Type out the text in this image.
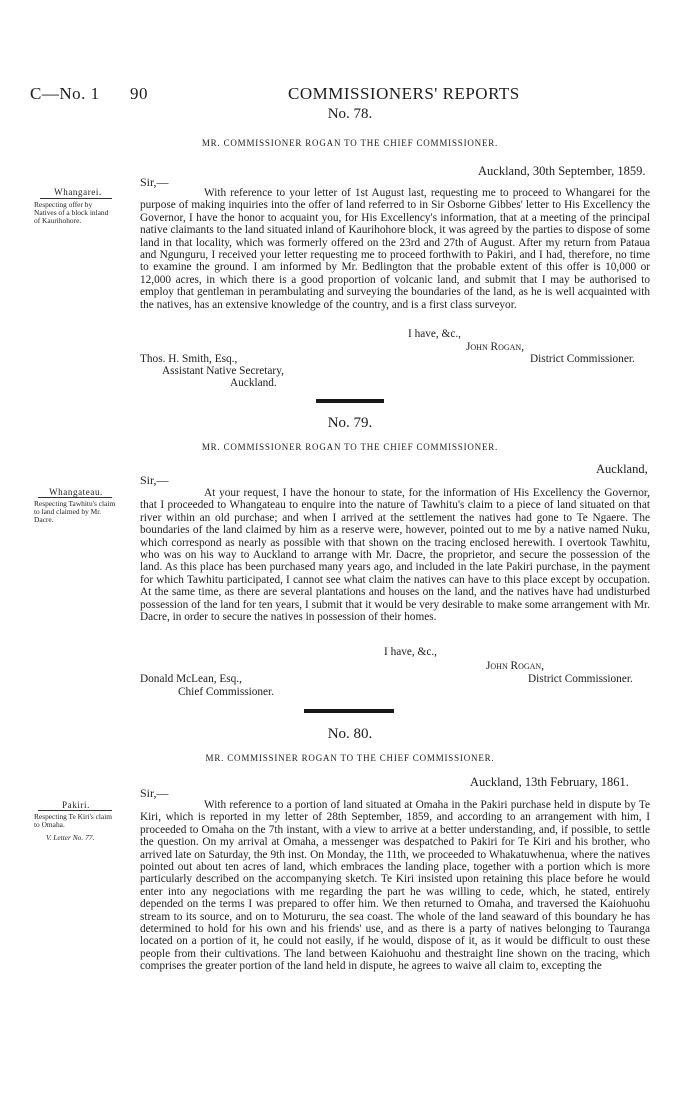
C—No. 1 90	COMMISSIONERS' REPORTS
No. 78.
MR. COMMISSIONER ROGAN TO THE CHIEF COMMISSIONER.
Auckland, 30th September, 1859.
Sir,—
Whangarei.
Respecting offer by Natives of a block inland of Kaurihohore.
With reference to your letter of 1st August last, requesting me to proceed to Whangarei for the purpose of making inquiries into the offer of land referred to in Sir Osborne Gibbes' letter to His Excellency the Governor, I have the honor to acquaint you, for His Excellency's information, that at a meeting of the principal native claimants to the land situated inland of Kaurihohore block, it was agreed by the parties to dispose of some land in that locality, which was formerly offered on the 23rd and 27th of August. After my return from Pataua and Ngunguru, I received your letter requesting me to proceed forthwith to Pakiri, and I had, therefore, no time to examine the ground. I am informed by Mr. Bedlington that the probable extent of this offer is 10,000 or 12,000 acres, in which there is a good proportion of volcanic land, and submit that I may be authorised to employ that gentleman in perambulating and surveying the boundaries of the land, as he is well acquainted with the natives, has an extensive knowledge of the country, and is a first class surveyor.
I have, &c.,
John Rogan,
District Commissioner.
Thos. H. Smith, Esq.,
Assistant Native Secretary,
Auckland.
No. 79.
MR. COMMISSIONER ROGAN TO THE CHIEF COMMISSIONER.
Auckland,
Sir,—
Whangateau.
Respecting Tawhitu's claim to land claimed by Mr. Dacre.
At your request, I have the honour to state, for the information of His Excellency the Governor, that I proceeded to Whangateau to enquire into the nature of Tawhitu's claim to a piece of land situated on that river within an old purchase; and when I arrived at the settlement the natives had gone to Te Ngaere. The boundaries of the land claimed by him as a reserve were, however, pointed out to me by a native named Nuku, which correspond as nearly as possible with that shown on the tracing enclosed herewith. I overtook Tawhitu, who was on his way to Auckland to arrange with Mr. Dacre, the proprietor, and secure the possession of the land. As this place has been purchased many years ago, and included in the late Pakiri purchase, in the payment for which Tawhitu participated, I cannot see what claim the natives can have to this place except by occupation. At the same time, as there are several plantations and houses on the land, and the natives have had undisturbed possession of the land for ten years, I submit that it would be very desirable to make some arrangement with Mr. Dacre, in order to secure the natives in possession of their homes.
I have, &c.,
John Rogan,
District Commissioner.
Donald McLean, Esq.,
Chief Commissioner.
No. 80.
MR. COMMISSINER ROGAN TO THE CHIEF COMMISSIONER.
Auckland, 13th February, 1861.
Sir,—
Pakiri.
Respecting Te Kiri's claim to Omaha.
V. Letter No. 77.
With reference to a portion of land situated at Omaha in the Pakiri purchase held in dispute by Te Kiri, which is reported in my letter of 28th September, 1859, and according to an arrangement with him, I proceeded to Omaha on the 7th instant, with a view to arrive at a better understanding, and, if possible, to settle the question. On my arrival at Omaha, a messenger was despatched to Pakiri for Te Kiri and his brother, who arrived late on Saturday, the 9th inst. On Monday, the 11th, we proceeded to Whakatuwhenua, where the natives pointed out about ten acres of land, which embraces the landing place, together with a portion which is more particularly described on the accompanying sketch. Te Kiri insisted upon retaining this place before he would enter into any negociations with me regarding the part he was willing to cede, which, he stated, entirely depended on the terms I was prepared to offer him. We then returned to Omaha, and traversed the Kaiohuohu stream to its source, and on to Motururu, the sea coast. The whole of the land seaward of this boundary he has determined to hold for his own and his friends' use, and as there is a party of natives belonging to Tauranga located on a portion of it, he could not easily, if he would, dispose of it, as it would be difficult to oust these people from their cultivations. The land between Kaiohuohu and thestraight line shown on the tracing, which comprises the greater portion of the land held in dispute, he agrees to waive all claim to, excepting the
